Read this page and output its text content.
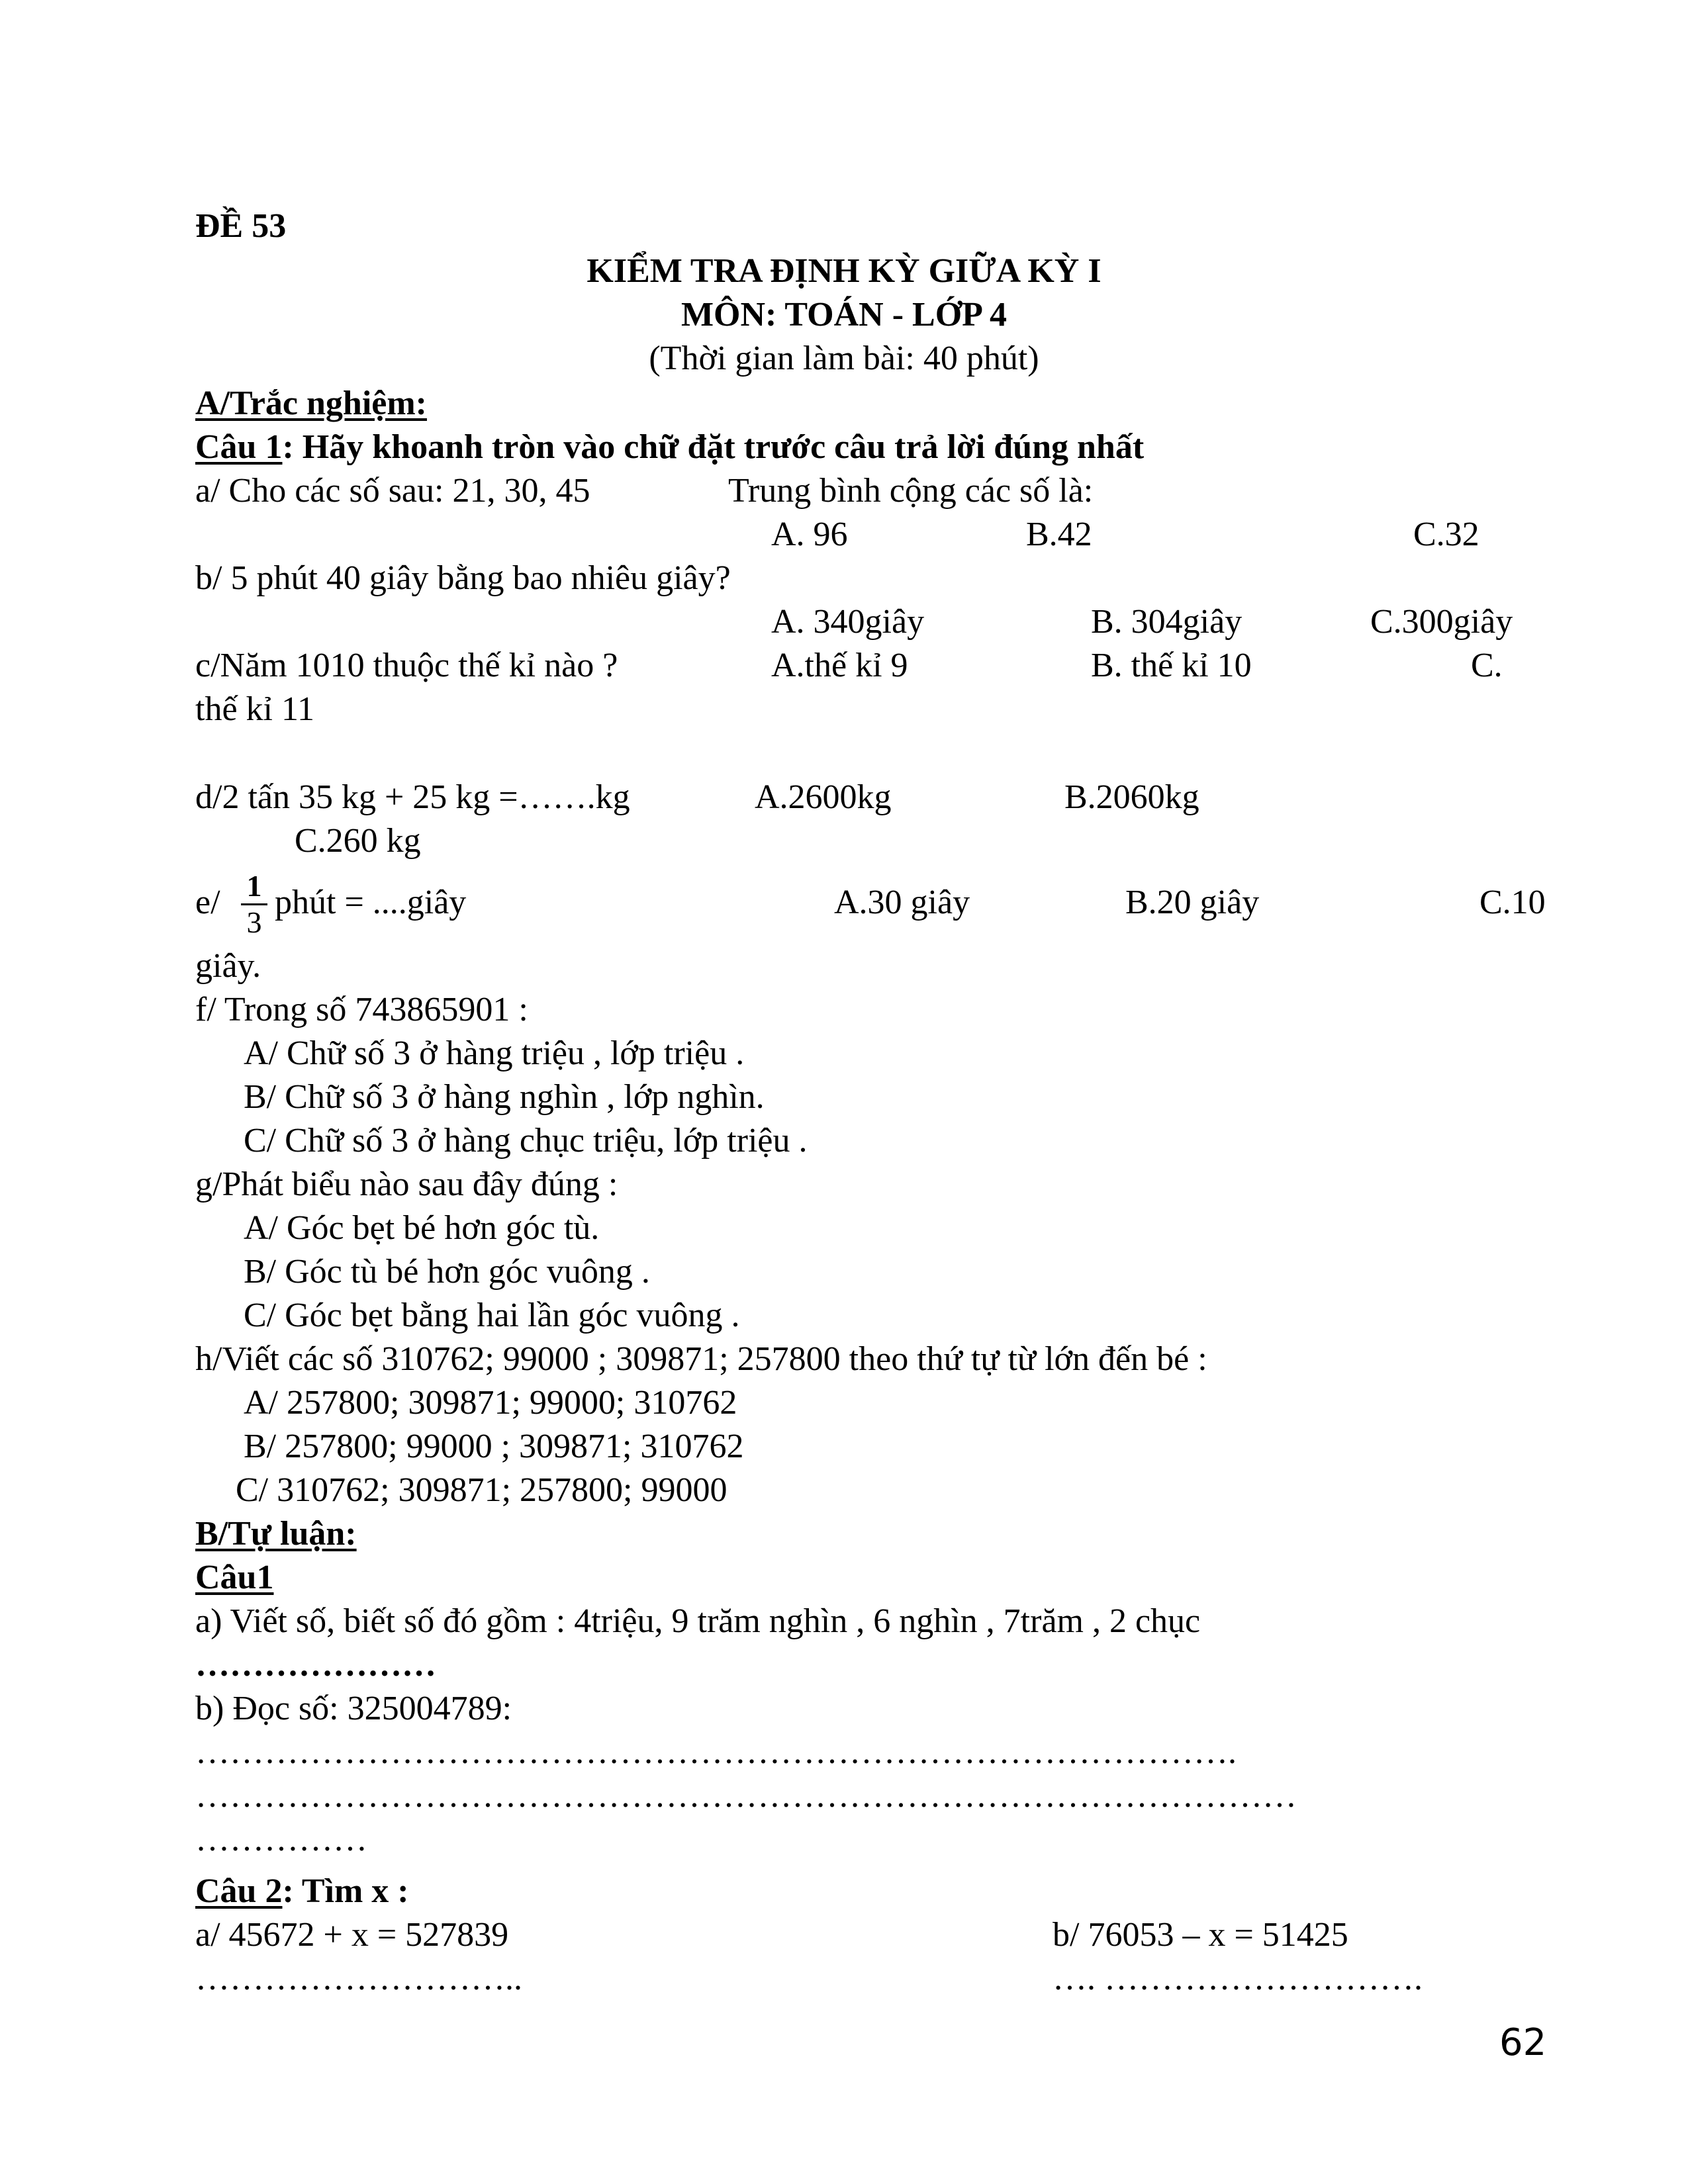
ĐỀ 53
KIỂM TRA ĐỊNH KỲ GIỮA KỲ I
MÔN: TOÁN - LỚP 4
(Thời gian làm bài: 40 phút)
A/Trắc nghiệm:
Câu 1: Hãy khoanh tròn vào chữ đặt trước câu trả lời đúng nhất
a/ Cho các số sau: 21, 30, 45	Trung bình cộng các số là:
A. 96	B.42	C.32
b/ 5 phút 40 giây bằng bao nhiêu giây?
A. 340giây	B. 304giây	C.300giây
c/Năm 1010 thuộc thế kỉ nào ?	A.thế kỉ 9	B. thế kỉ 10	C.
thế kỉ 11
d/2 tấn 35 kg + 25 kg =…….kg	A.2600kg	B.2060kg
C.260 kg
$e/ \frac{1}{3}$ phút = ....giây	A.30 giây	B.20 giây	C.10
giây.
f/ Trong số 743865901 :
A/ Chữ số 3 ở hàng triệu , lớp triệu .
B/ Chữ số 3 ở hàng nghìn , lớp nghìn.
C/ Chữ số 3 ở hàng chục triệu, lớp triệu .
g/Phát biểu nào sau đây đúng :
A/ Góc bẹt bé hơn góc tù.
B/ Góc tù bé hơn góc vuông .
C/ Góc bẹt bằng hai lần góc vuông .
h/Viết các số 310762; 99000 ; 309871; 257800 theo thứ tự từ lớn đến bé :
A/ 257800; 309871; 99000; 310762
B/ 257800; 99000 ; 309871; 310762
C/ 310762; 309871; 257800; 99000
B/Tự luận:
Câu1
a) Viết số, biết số đó gồm : 4triệu, 9 trăm nghìn , 6 nghìn , 7trăm , 2 chục
…………………
b) Đọc số: 325004789:
……………………………………………………………………………….
……………………………………………………………………………………
……………
Câu 2: Tìm x :
a/ 45672 + x = 527839	b/ 76053 – x = 51425
………………………..	…. ……………………….
62
